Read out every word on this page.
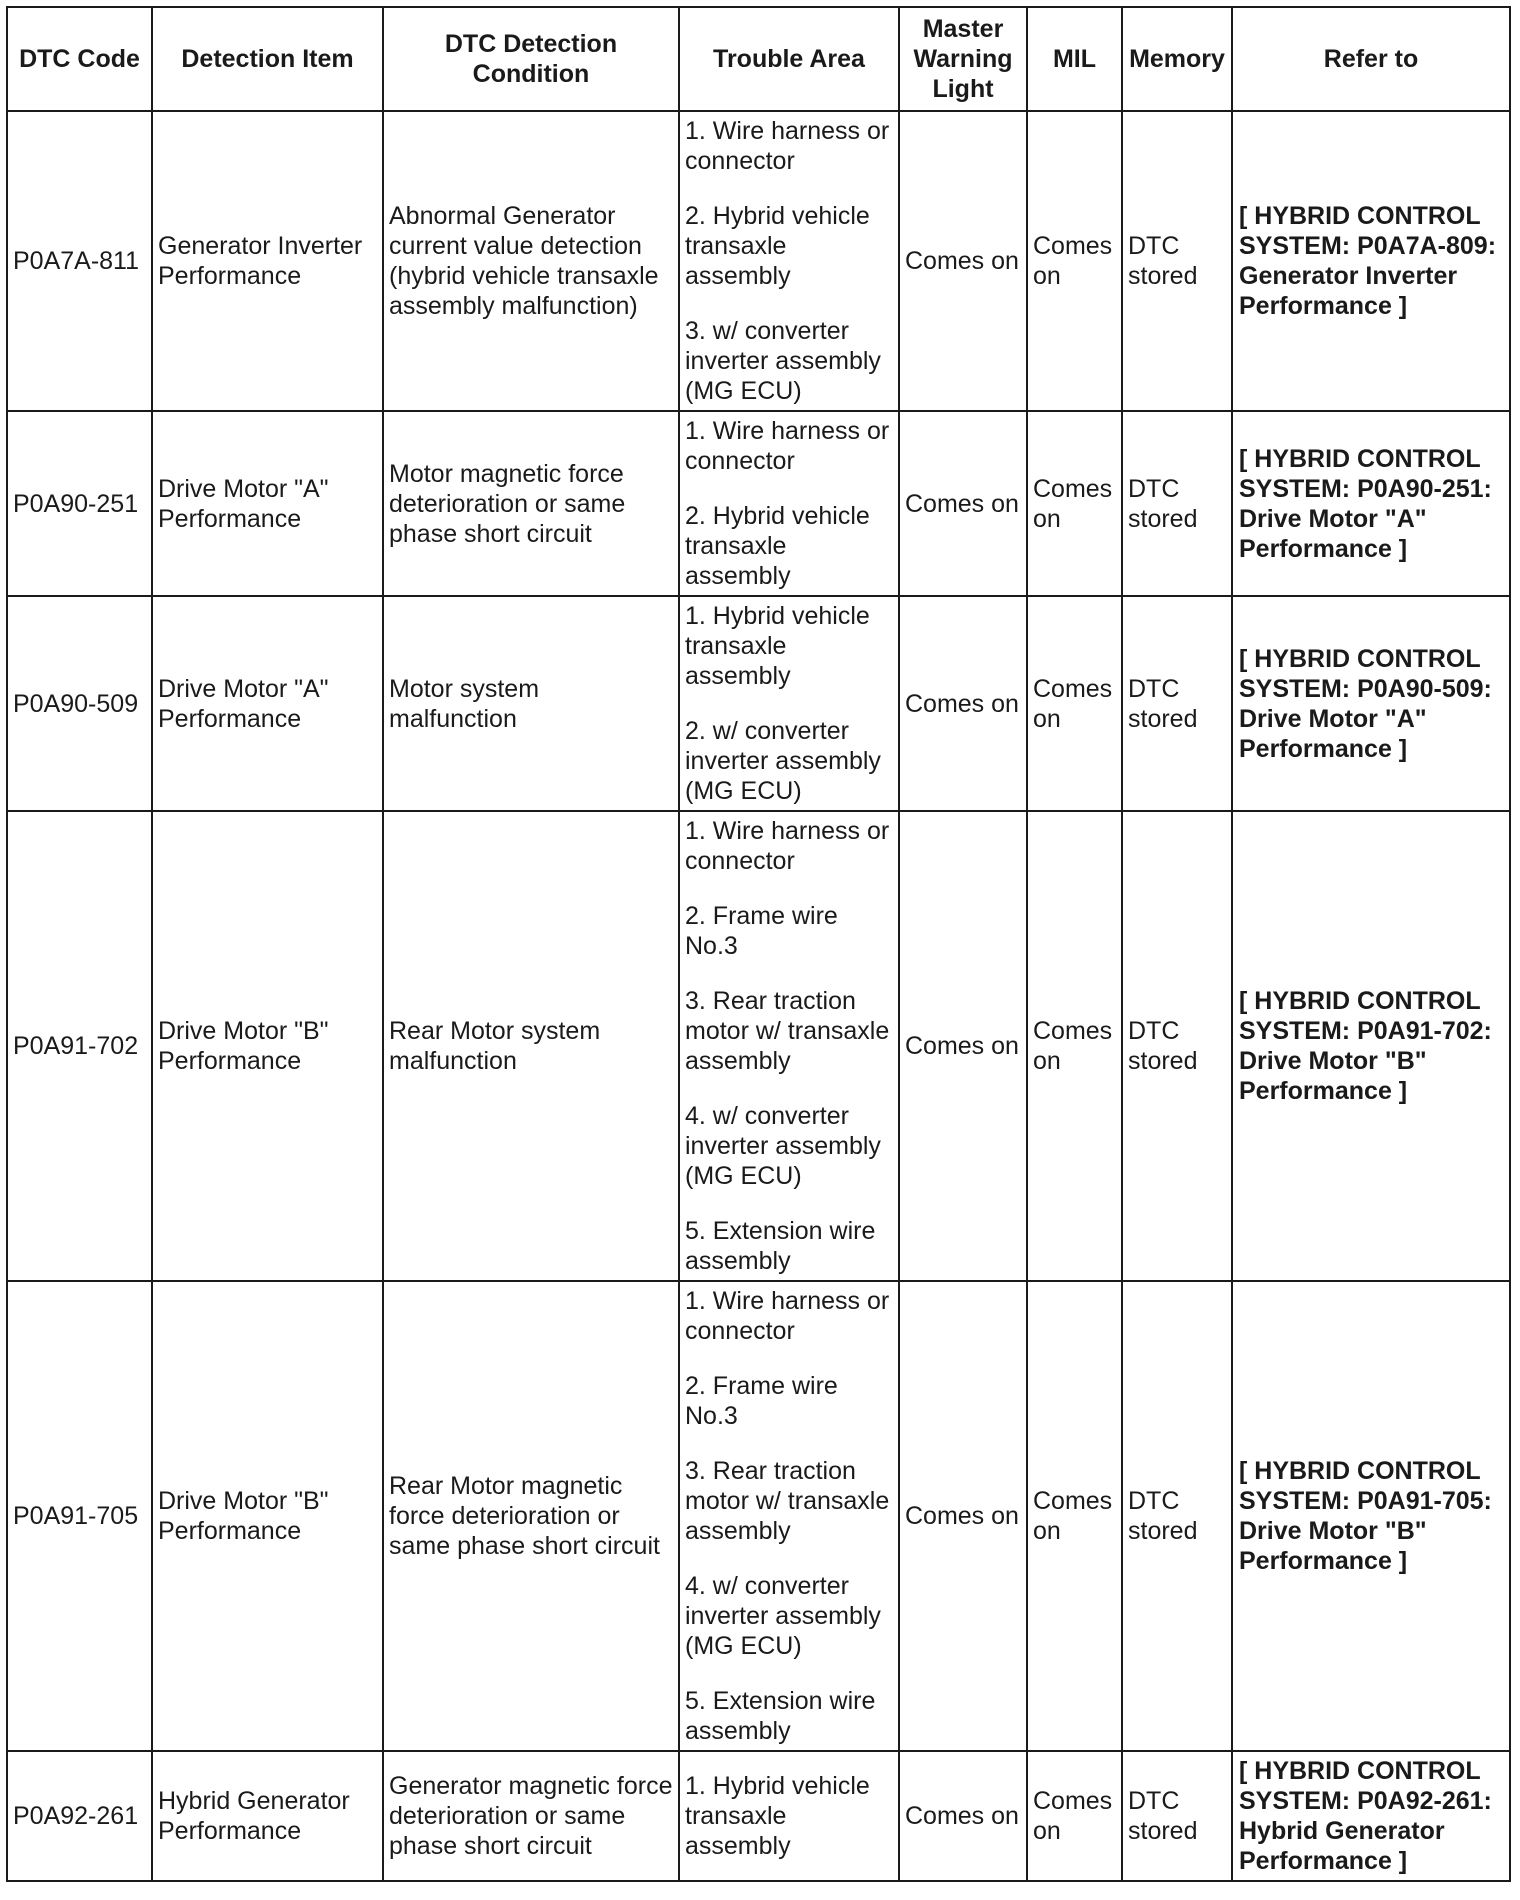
DTC Code	Detection Item	DTC Detection Condition	Trouble Area	Master Warning Light	MIL	Memory	Refer to
P0A7A-811	Generator Inverter Performance	Abnormal Generator current value detection (hybrid vehicle transaxle assembly malfunction)	1. Wire harness or connector
2. Hybrid vehicle transaxle assembly
3. w/ converter inverter assembly (MG ECU)	Comes on	Comes on	DTC stored	[ HYBRID CONTROL SYSTEM: P0A7A-809: Generator Inverter Performance ]
P0A90-251	Drive Motor "A" Performance	Motor magnetic force deterioration or same phase short circuit	1. Wire harness or connector
2. Hybrid vehicle transaxle assembly	Comes on	Comes on	DTC stored	[ HYBRID CONTROL SYSTEM: P0A90-251: Drive Motor "A" Performance ]
P0A90-509	Drive Motor "A" Performance	Motor system malfunction	1. Hybrid vehicle transaxle assembly
2. w/ converter inverter assembly (MG ECU)	Comes on	Comes on	DTC stored	[ HYBRID CONTROL SYSTEM: P0A90-509: Drive Motor "A" Performance ]
P0A91-702	Drive Motor "B" Performance	Rear Motor system malfunction	1. Wire harness or connector
2. Frame wire No.3
3. Rear traction motor w/ transaxle assembly
4. w/ converter inverter assembly (MG ECU)
5. Extension wire assembly	Comes on	Comes on	DTC stored	[ HYBRID CONTROL SYSTEM: P0A91-702: Drive Motor "B" Performance ]
P0A91-705	Drive Motor "B" Performance	Rear Motor magnetic force deterioration or same phase short circuit	1. Wire harness or connector
2. Frame wire No.3
3. Rear traction motor w/ transaxle assembly
4. w/ converter inverter assembly (MG ECU)
5. Extension wire assembly	Comes on	Comes on	DTC stored	[ HYBRID CONTROL SYSTEM: P0A91-705: Drive Motor "B" Performance ]
P0A92-261	Hybrid Generator Performance	Generator magnetic force deterioration or same phase short circuit	1. Hybrid vehicle transaxle assembly	Comes on	Comes on	DTC stored	[ HYBRID CONTROL SYSTEM: P0A92-261: Hybrid Generator Performance ]
